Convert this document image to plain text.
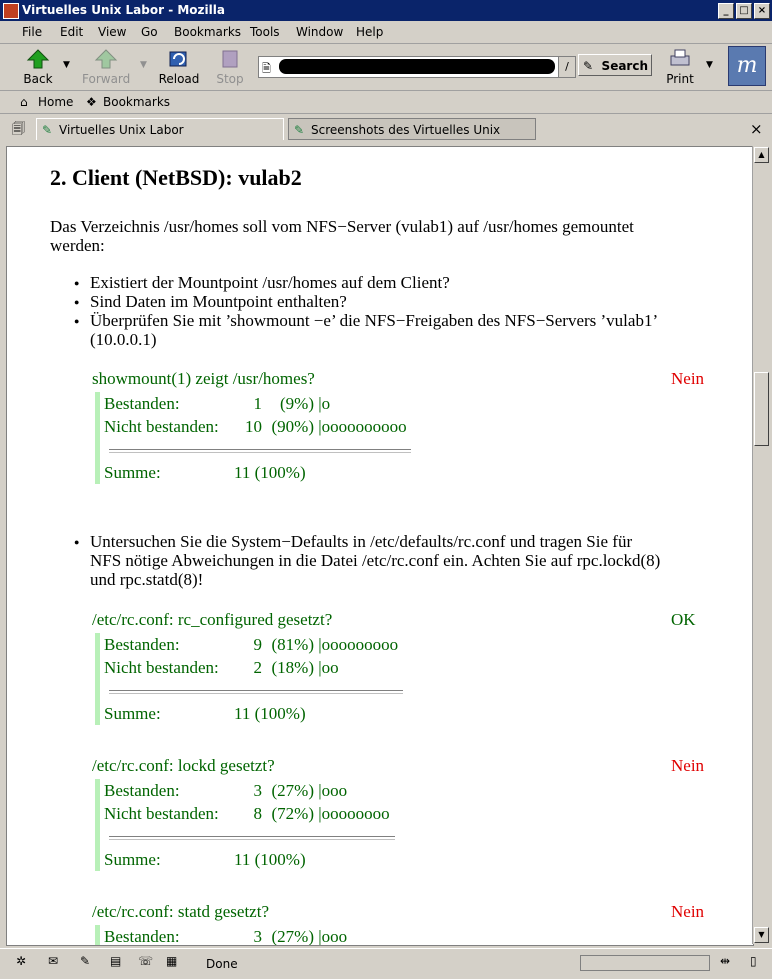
Virtuelles Unix Labor - Mozilla	_	□ ×
File Edit View Go Bookmarks Tools Window Help
Back
▼
Forward
▼
Reload	Stop
🗎	/	✎ Search
Print
▼	m
⌂ Home ❖ Bookmarks
🗐 ✎ Virtuelles Unix Labor	✎ Screenshots des Virtuelles Unix	×
2. Client (NetBSD): vulab2
Das Verzeichnis /usr/homes soll vom NFS−Server (vulab1) auf /usr/homes gemountet
werden:
● Existiert der Mountpoint /usr/homes auf dem Client?
● Sind Daten im Mountpoint enthalten?
● Überprüfen Sie mit ’showmount −e’ die NFS−Freigaben des NFS−Servers ’vulab1’
(10.0.0.1)
showmount(1) zeigt /usr/homes?	Nein
Bestanden:	1 (9%) |o
Nicht bestanden: 10 (90%) |oooooooooo
Summe:	11 (100%)
● Untersuchen Sie die System−Defaults in /etc/defaults/rc.conf und tragen Sie für
NFS nötige Abweichungen in die Datei /etc/rc.conf ein. Achten Sie auf rpc.lockd(8)
und rpc.statd(8)!
/etc/rc.conf: rc_configured gesetzt?	OK
Bestanden:	9 (81%) |ooooooooo
Nicht bestanden: 2 (18%) |oo
Summe:	11 (100%)
/etc/rc.conf: lockd gesetzt?	Nein
Bestanden:	3 (27%) |ooo
Nicht bestanden: 8 (72%) |oooooooo
Summe:	11 (100%)
/etc/rc.conf: statd gesetzt?	Nein
Bestanden:	3 (27%) |ooo
▲
▼
✲	✉	✎	▤	☏ ▦	Done	⇹	▯
